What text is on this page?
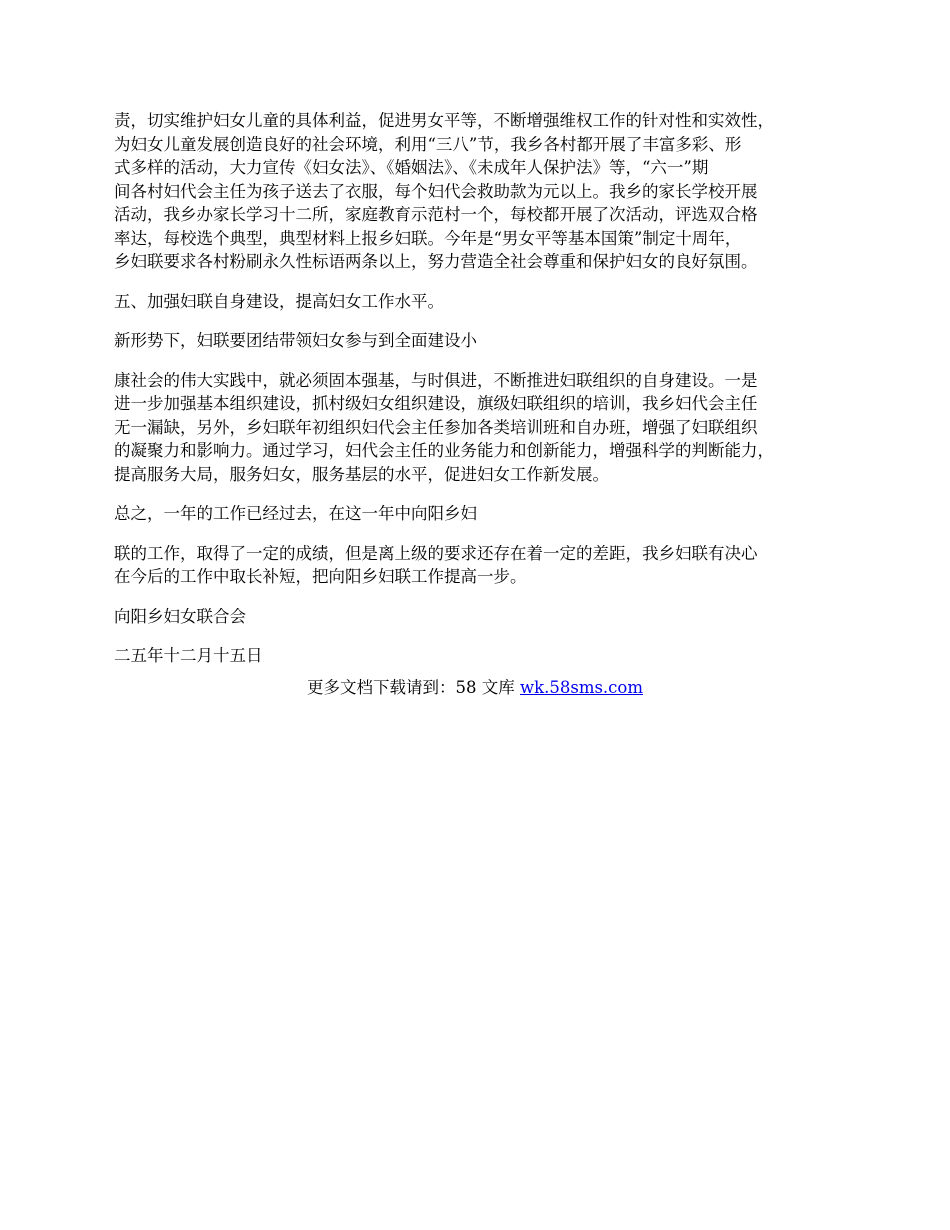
责，切实维护妇女儿童的具体利益，促进男女平等，不断增强维权工作的针对性和实效性，
为妇女儿童发展创造良好的社会环境，利用“三八”节，我乡各村都开展了丰富多彩、形
式多样的活动，大力宣传《妇女法》、《婚姻法》、《未成年人保护法》等，“六一”期
间各村妇代会主任为孩子送去了衣服，每个妇代会救助款为元以上。我乡的家长学校开展
活动，我乡办家长学习十二所，家庭教育示范村一个，每校都开展了次活动，评选双合格
率达，每校选个典型，典型材料上报乡妇联。今年是“男女平等基本国策”制定十周年，
乡妇联要求各村粉刷永久性标语两条以上，努力营造全社会尊重和保护妇女的良好氛围。

五、加强妇联自身建设，提高妇女工作水平。

新形势下，妇联要团结带领妇女参与到全面建设小

康社会的伟大实践中，就必须固本强基，与时俱进，不断推进妇联组织的自身建设。一是
进一步加强基本组织建设，抓村级妇女组织建设，旗级妇联组织的培训，我乡妇代会主任
无一漏缺，另外，乡妇联年初组织妇代会主任参加各类培训班和自办班，增强了妇联组织
的凝聚力和影响力。通过学习，妇代会主任的业务能力和创新能力，增强科学的判断能力，
提高服务大局，服务妇女，服务基层的水平，促进妇女工作新发展。

总之，一年的工作已经过去，在这一年中向阳乡妇

联的工作，取得了一定的成绩，但是离上级的要求还存在着一定的差距，我乡妇联有决心
在今后的工作中取长补短，把向阳乡妇联工作提高一步。

向阳乡妇女联合会

二五年十二月十五日

更多文档下载请到：58 文库 wk.58sms.com
